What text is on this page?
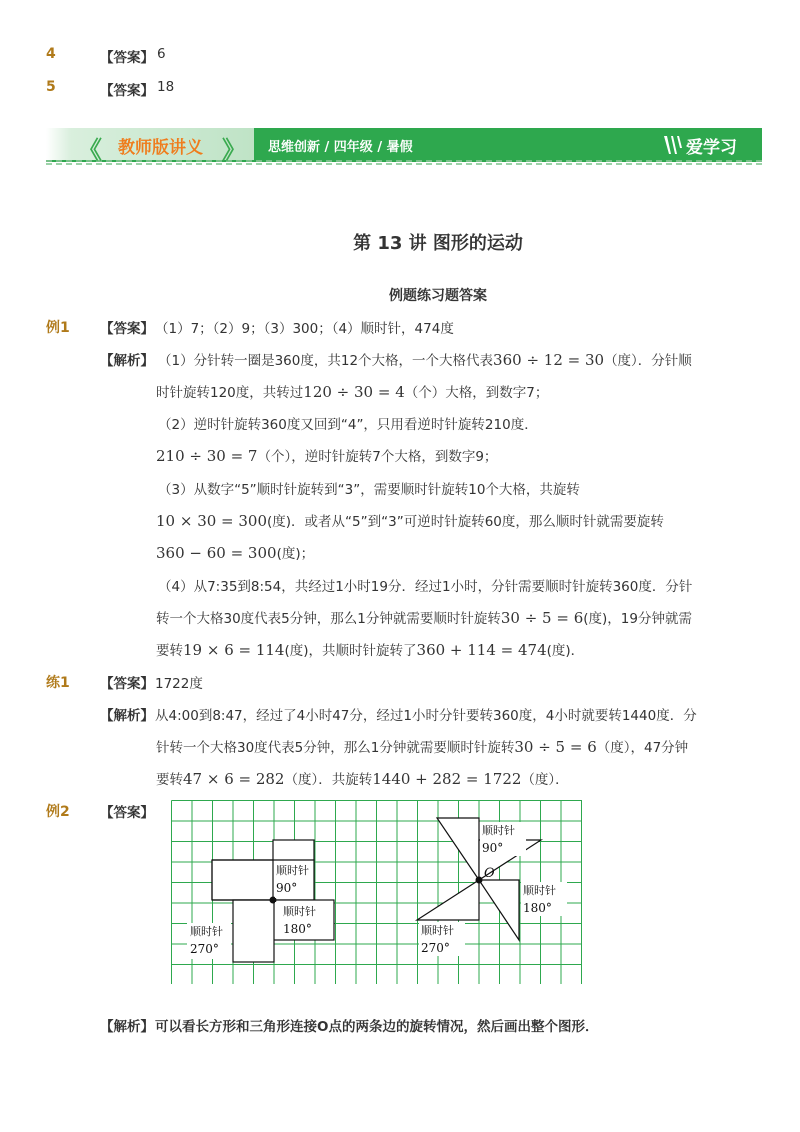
4	【答案】 6
5	【答案】 18
《 教师版讲义 》 思维创新 / 四年级 / 暑假	爱学习
第 13 讲 图形的运动
例题练习题答案
例1 【答案】 （1）7；（2）9；（3）300；（4）顺时针，474度
【解析】 （1）分针转一圈是360度，共12个大格，一个大格代表360 ÷ 12 = 30（度）．分针顺
时针旋转120度，共转过120 ÷ 30 = 4（个）大格，到数字7；
（2）逆时针旋转360度又回到“4”，只用看逆时针旋转210度．
210 ÷ 30 = 7（个），逆时针旋转7个大格，到数字9；
（3）从数字“5”顺时针旋转到“3”，需要顺时针旋转10个大格，共旋转
10 × 30 = 300(度)．或者从“5”到“3”可逆时针旋转60度，那么顺时针就需要旋转
360 − 60 = 300(度)；
（4）从7:35到8:54，共经过1小时19分．经过1小时，分针需要顺时针旋转360度．分针
转一个大格30度代表5分钟，那么1分钟就需要顺时针旋转30 ÷ 5 = 6(度)，19分钟就需
要转19 × 6 = 114(度)，共顺时针旋转了360 + 114 = 474(度)．
练1 【答案】 1722度
【解析】 从4:00到8:47，经过了4小时47分，经过1小时分针要转360度，4小时就要转1440度．分
针转一个大格30度代表5分钟，那么1分钟就需要顺时针旋转30 ÷ 5 = 6（度），47分钟
要转47 × 6 = 282（度）．共旋转1440 + 282 = 1722（度）．
例2 【答案】
顺时针
90°
顺时针
180°
顺时针
270°
O
顺时针
90°
顺时针
180°
顺时针
270°
【解析】 可以看长方形和三角形连接O点的两条边的旋转情况，然后画出整个图形．
